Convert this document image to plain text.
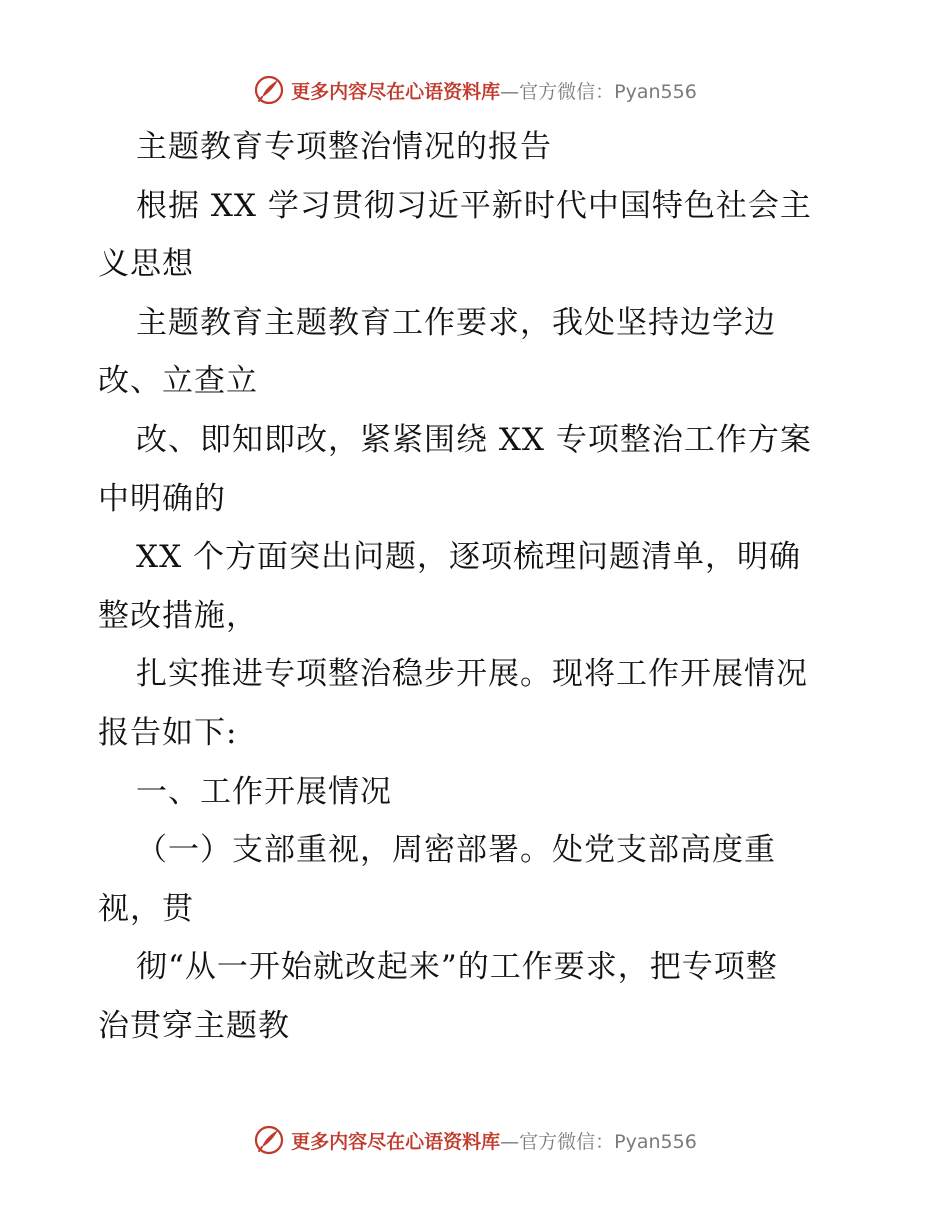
更多内容尽在心语资料库 —官方微信：Pyan556
主题教育专项整治情况的报告
根据 XX 学习贯彻习近平新时代中国特色社会主
义思想
主题教育主题教育工作要求，我处坚持边学边
改、立查立
改、即知即改，紧紧围绕 XX 专项整治工作方案
中明确的
XX 个方面突出问题，逐项梳理问题清单，明确
整改措施，
扎实推进专项整治稳步开展。现将工作开展情况
报告如下:
一、工作开展情况
（一）支部重视，周密部署。处党支部高度重
视，贯
彻“从一开始就改起来”的工作要求，把专项整
治贯穿主题教
更多内容尽在心语资料库 —官方微信：Pyan556
